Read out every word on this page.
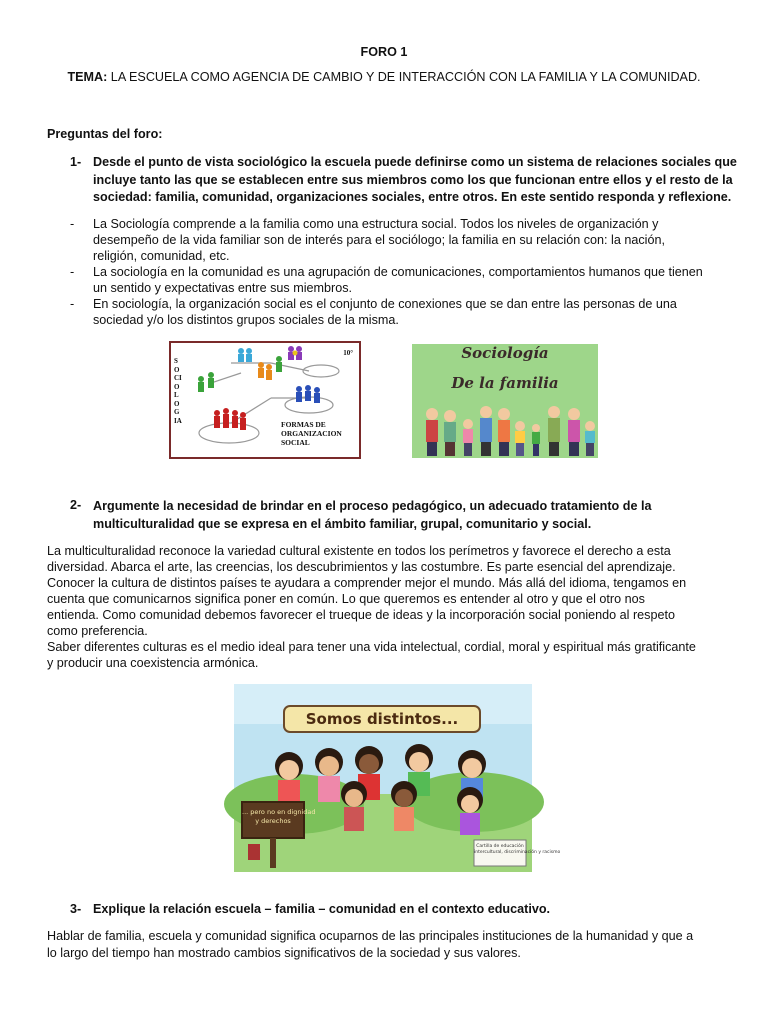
FORO 1
TEMA: LA ESCUELA COMO AGENCIA DE CAMBIO Y DE INTERACCIÓN CON LA FAMILIA Y LA COMUNIDAD.
Preguntas del foro:
1- Desde el punto de vista sociológico la escuela puede definirse como un sistema de relaciones sociales que
incluye tanto las que se establecen entre sus miembros como los que funcionan entre ellos y el resto de la
sociedad: familia, comunidad, organizaciones sociales, entre otros. En este sentido responda y reflexione.
- La Sociología comprende a la familia como una estructura social. Todos los niveles de organización y
desempeño de la vida familiar son de interés para el sociólogo; la familia en su relación con: la nación,
religión, comunidad, etc.
- La sociología en la comunidad es una agrupación de comunicaciones, comportamientos humanos que tienen
un sentido y expectativas entre sus miembros.
- En sociología, la organización social es el conjunto de conexiones que se dan entre las personas de una
sociedad y/o los distintos grupos sociales de la misma.
SOCIOLOGIA
10°
FORMAS DE
ORGANIZACION
SOCIAL
Sociología
De la familia
2- Argumente la necesidad de brindar en el proceso pedagógico, un adecuado tratamiento de la
multiculturalidad que se expresa en el ámbito familiar, grupal, comunitario y social.
La multiculturalidad reconoce la variedad cultural existente en todos los perímetros y favorece el derecho a esta
diversidad. Abarca el arte, las creencias, los descubrimientos y las costumbre. Es parte esencial del aprendizaje.
Conocer la cultura de distintos países te ayudara a comprender mejor el mundo. Más allá del idioma, tengamos en
cuenta que comunicarnos significa poner en común. Lo que queremos es entender al otro y que el otro nos
entienda. Como comunidad debemos favorecer el trueque de ideas y la incorporación social poniendo al respeto
como preferencia.
Saber diferentes culturas es el medio ideal para tener una vida intelectual, cordial, moral y espiritual más gratificante
y producir una coexistencia armónica.
Somos distintos...
... pero no en dignidad
y derechos
Cartilla de educación
intercultural, discriminación y racismo
3- Explique la relación escuela – familia – comunidad en el contexto educativo.
Hablar de familia, escuela y comunidad significa ocuparnos de las principales instituciones de la humanidad y que a
lo largo del tiempo han mostrado cambios significativos de la sociedad y sus valores.
